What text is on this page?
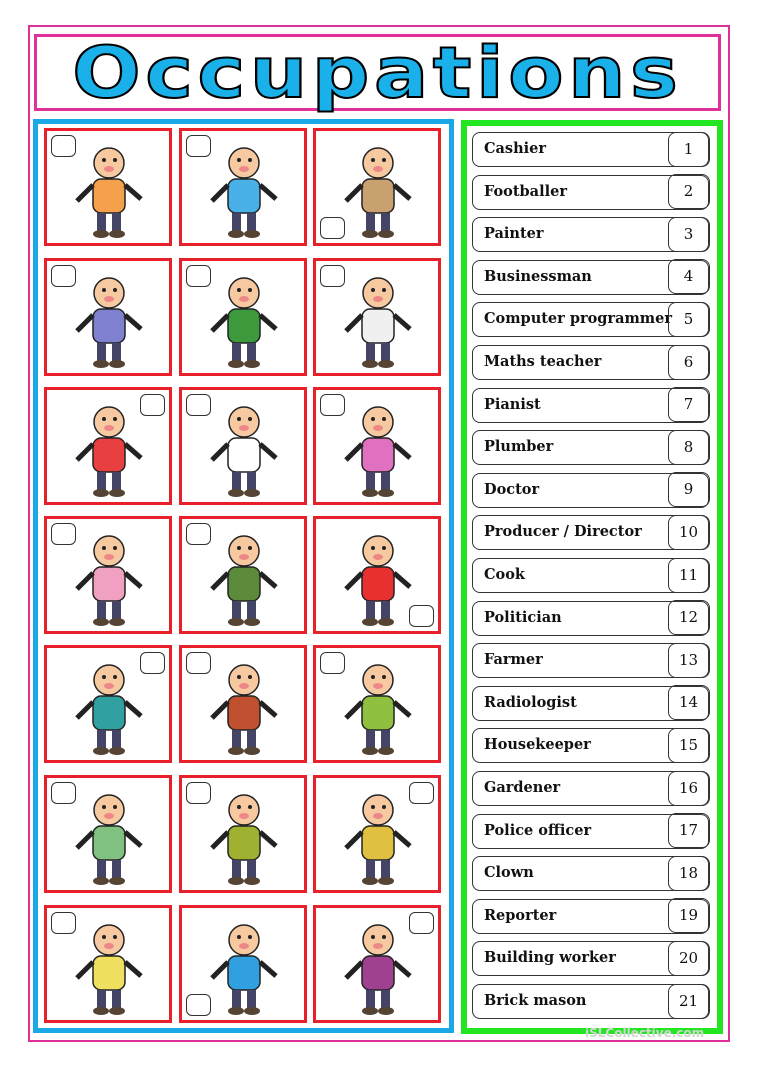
Occupations
Cashier	1
Footballer	2
Painter	3
Businessman	4
Computer programmer 5
Maths teacher	6
Pianist	7
Plumber	8
Doctor	9
Producer / Director	10
Cook	11
Politician	12
Farmer	13
Radiologist	14
Housekeeper	15
Gardener	16
Police officer	17
Clown	18
Reporter	19
Building worker	20
Brick mason	21
iSLCollective.com
